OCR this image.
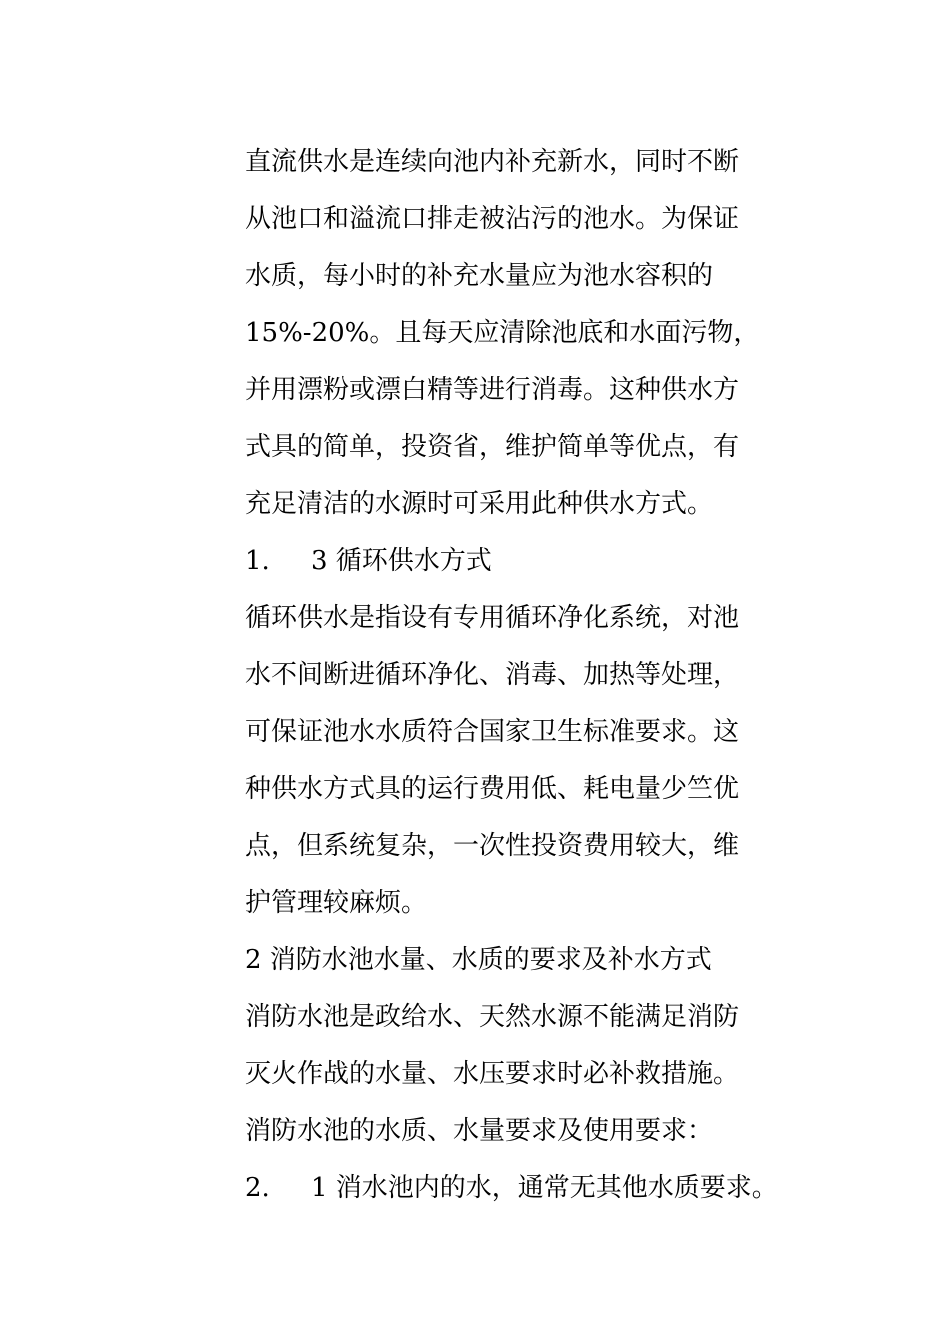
直流供水是连续向池内补充新水，同时不断
从池口和溢流口排走被沾污的池水。为保证
水质，每小时的补充水量应为池水容积的
15%-20%。且每天应清除池底和水面污物，
并用漂粉或漂白精等进行消毒。这种供水方
式具的简单，投资省，维护简单等优点，有
充足清洁的水源时可采用此种供水方式。
1. 3 循环供水方式
循环供水是指设有专用循环净化系统，对池
水不间断进循环净化、消毒、加热等处理，
可保证池水水质符合国家卫生标准要求。这
种供水方式具的运行费用低、耗电量少竺优
点，但系统复杂，一次性投资费用较大，维
护管理较麻烦。
2 消防水池水量、水质的要求及补水方式
消防水池是政给水、天然水源不能满足消防
灭火作战的水量、水压要求时必补救措施。
消防水池的水质、水量要求及使用要求：
2. 1 消水池内的水，通常无其他水质要求。
